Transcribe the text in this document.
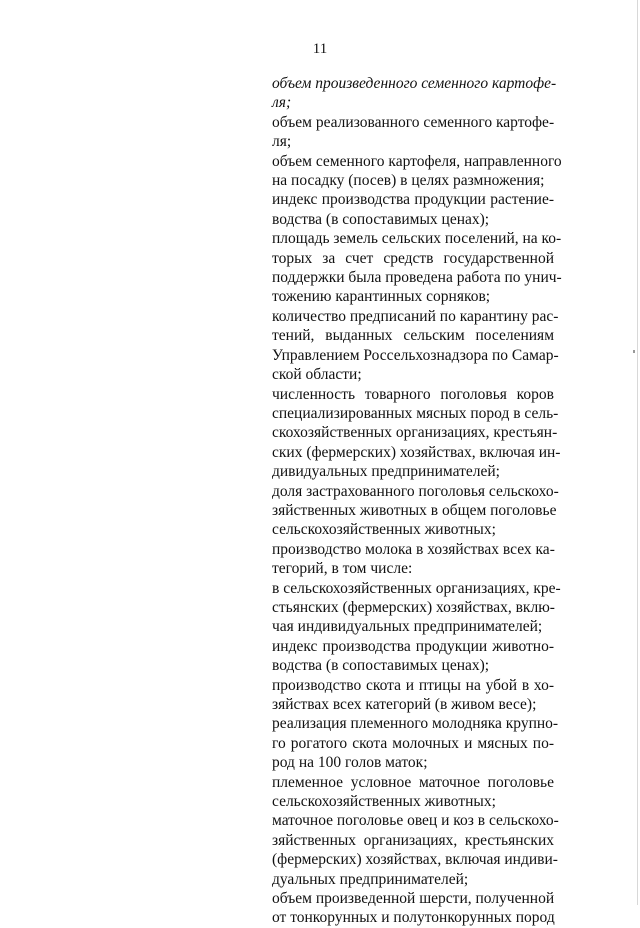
11

объем произведенного семенного картофе-
ля;

объем реализованного семенного картофе-
ля;

объем семенного картофеля, направленного
на посадку (посев) в целях размножения;

индекс производства продукции растение-
водства (в сопоставимых ценах);

площадь земель сельских поселений, на ко-
торых за счет средств государственной
поддержки была проведена работа по унич-
тожению карантинных сорняков;

количество предписаний по карантину рас-
тений, выданных сельским поселениям
Управлением Россельхознадзора по Самар-
ской области;

численность товарного поголовья коров
специализированных мясных пород в сель-
скохозяйственных организациях, крестьян-
ских (фермерских) хозяйствах, включая ин-
дивидуальных предпринимателей;

доля застрахованного поголовья сельскохо-
зяйственных животных в общем поголовье
сельскохозяйственных животных;

производство молока в хозяйствах всех ка-
тегорий, в том числе:

в сельскохозяйственных организациях, кре-
стьянских (фермерских) хозяйствах, вклю-
чая индивидуальных предпринимателей;

индекс производства продукции животно-
водства (в сопоставимых ценах);

производство скота и птицы на убой в хо-
зяйствах всех категорий (в живом весе);

реализация племенного молодняка крупно-
го рогатого скота молочных и мясных по-
род на 100 голов маток;

племенное условное маточное поголовье
сельскохозяйственных животных;

маточное поголовье овец и коз в сельскохо-
зяйственных организациях, крестьянских
(фермерских) хозяйствах, включая индиви-
дуальных предпринимателей;

объем произведенной шерсти, полученной
от тонкорунных и полутонкорунных пород
